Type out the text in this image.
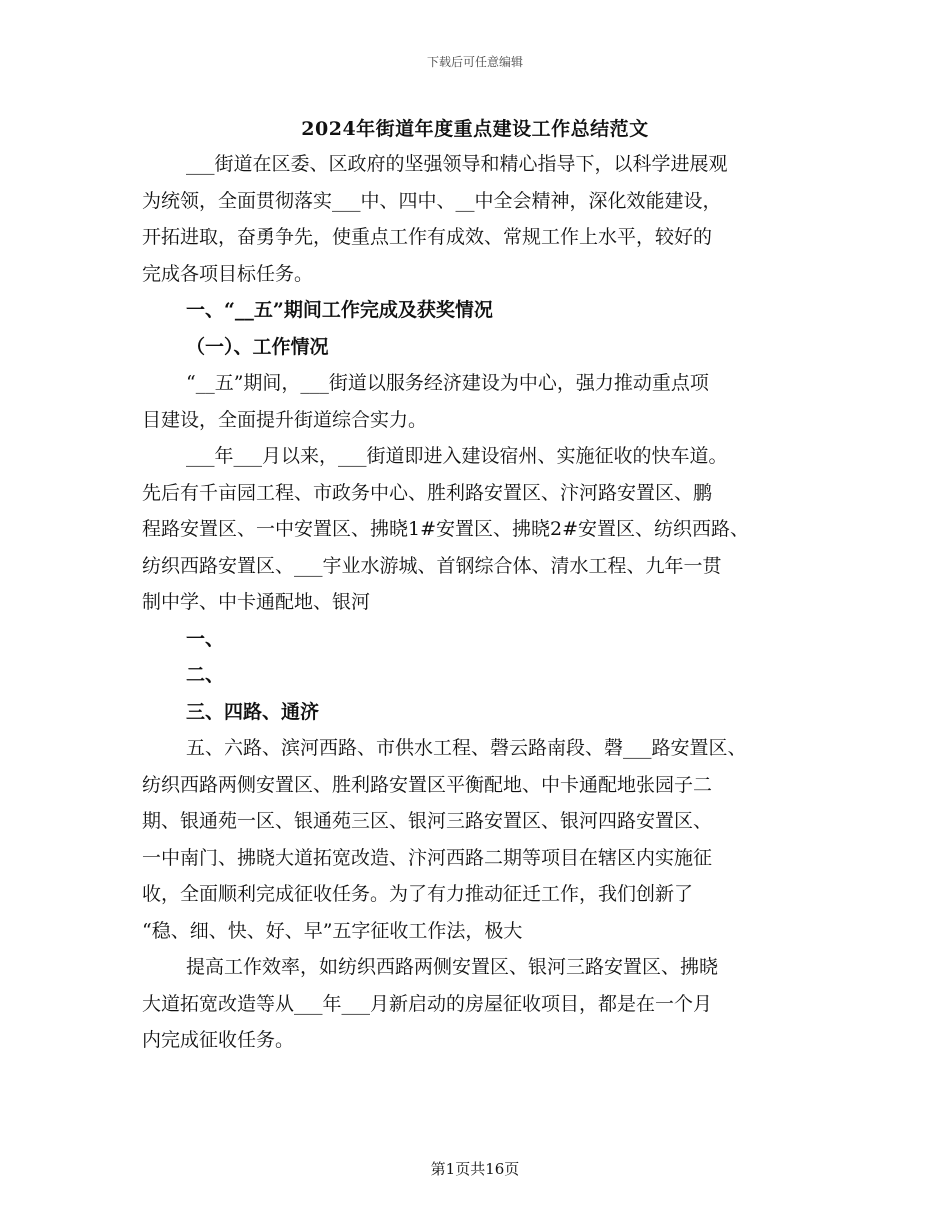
下载后可任意编辑
2024年街道年度重点建设工作总结范文
___街道在区委、区政府的坚强领导和精心指导下，以科学进展观
为统领，全面贯彻落实___中、四中、__中全会精神，深化效能建设，
开拓进取，奋勇争先，使重点工作有成效、常规工作上水平，较好的
完成各项目标任务。
一、“__五”期间工作完成及获奖情况
（一）、工作情况
“__五”期间，___街道以服务经济建设为中心，强力推动重点项
目建设，全面提升街道综合实力。
___年___月以来，___街道即进入建设宿州、实施征收的快车道。
先后有千亩园工程、市政务中心、胜利路安置区、汴河路安置区、鹏
程路安置区、一中安置区、拂晓1#安置区、拂晓2#安置区、纺织西路、
纺织西路安置区、___宇业水游城、首钢综合体、清水工程、九年一贯
制中学、中卡通配地、银河
一、
二、
三、四路、通济
五、六路、滨河西路、市供水工程、磬云路南段、磬___路安置区、
纺织西路两侧安置区、胜利路安置区平衡配地、中卡通配地张园子二
期、银通苑一区、银通苑三区、银河三路安置区、银河四路安置区、
一中南门、拂晓大道拓宽改造、汴河西路二期等项目在辖区内实施征
收，全面顺利完成征收任务。为了有力推动征迁工作，我们创新了
“稳、细、快、好、早”五字征收工作法，极大
提高工作效率，如纺织西路两侧安置区、银河三路安置区、拂晓
大道拓宽改造等从___年___月新启动的房屋征收项目，都是在一个月
内完成征收任务。
第1页共16页
